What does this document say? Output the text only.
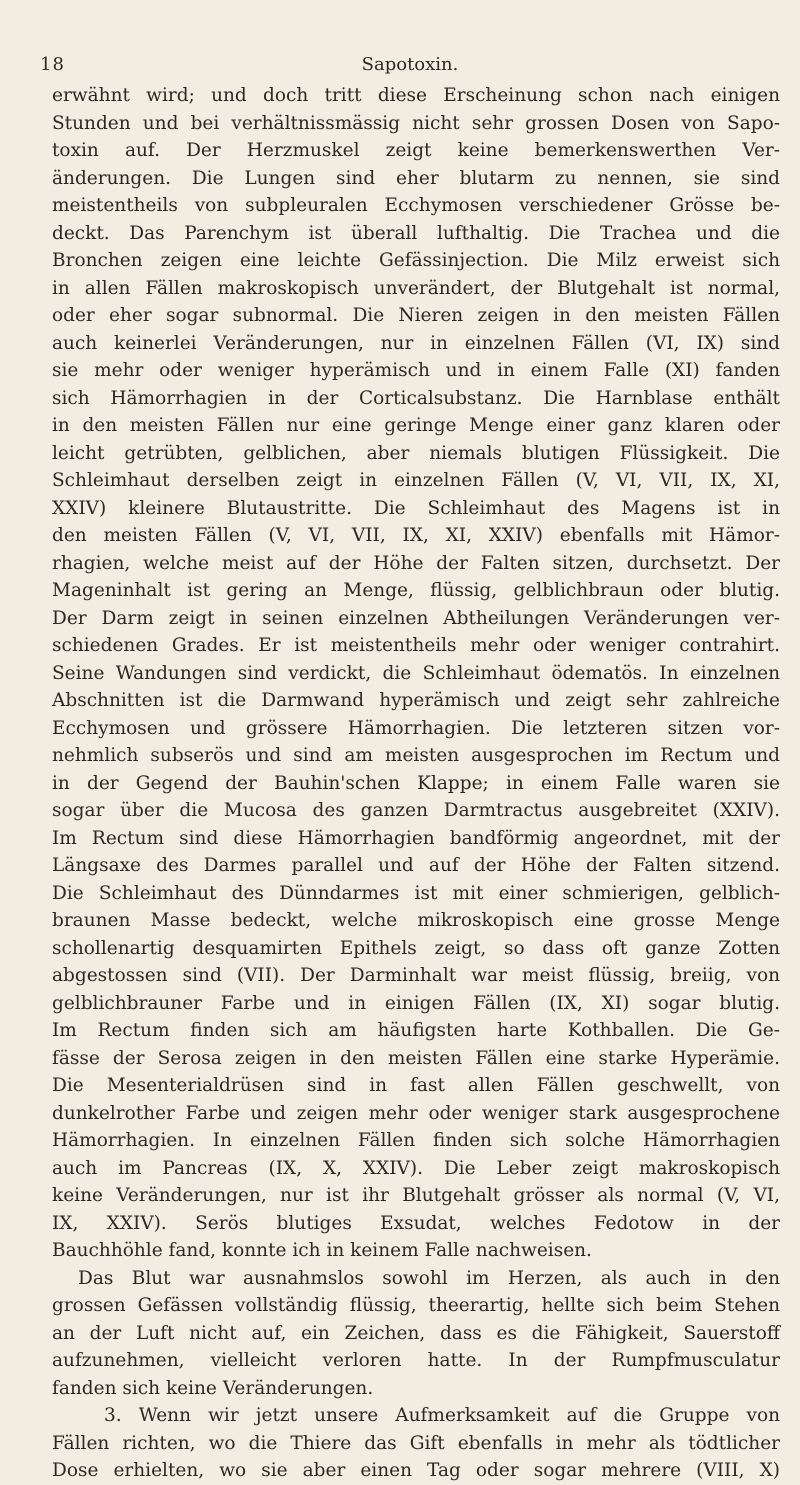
18	Sapotoxin.
erwähnt wird; und doch tritt diese Erscheinung schon nach einigen
Stunden und bei verhältnissmässig nicht sehr grossen Dosen von Sapo-
toxin auf. Der Herzmuskel zeigt keine bemerkenswerthen Ver-
änderungen. Die Lungen sind eher blutarm zu nennen, sie sind
meistentheils von subpleuralen Ecchymosen verschiedener Grösse be-
deckt. Das Parenchym ist überall lufthaltig. Die Trachea und die
Bronchen zeigen eine leichte Gefässinjection. Die Milz erweist sich
in allen Fällen makroskopisch unverändert, der Blutgehalt ist normal,
oder eher sogar subnormal. Die Nieren zeigen in den meisten Fällen
auch keinerlei Veränderungen, nur in einzelnen Fällen (VI, IX) sind
sie mehr oder weniger hyperämisch und in einem Falle (XI) fanden
sich Hämorrhagien in der Corticalsubstanz. Die Harnblase enthält
in den meisten Fällen nur eine geringe Menge einer ganz klaren oder
leicht getrübten, gelblichen, aber niemals blutigen Flüssigkeit. Die
Schleimhaut derselben zeigt in einzelnen Fällen (V, VI, VII, IX, XI,
XXIV) kleinere Blutaustritte. Die Schleimhaut des Magens ist in
den meisten Fällen (V, VI, VII, IX, XI, XXIV) ebenfalls mit Hämor-
rhagien, welche meist auf der Höhe der Falten sitzen, durchsetzt. Der
Mageninhalt ist gering an Menge, flüssig, gelblichbraun oder blutig.
Der Darm zeigt in seinen einzelnen Abtheilungen Veränderungen ver-
schiedenen Grades. Er ist meistentheils mehr oder weniger contrahirt.
Seine Wandungen sind verdickt, die Schleimhaut ödematös. In einzelnen
Abschnitten ist die Darmwand hyperämisch und zeigt sehr zahlreiche
Ecchymosen und grössere Hämorrhagien. Die letzteren sitzen vor-
nehmlich subserös und sind am meisten ausgesprochen im Rectum und
in der Gegend der Bauhin'schen Klappe; in einem Falle waren sie
sogar über die Mucosa des ganzen Darmtractus ausgebreitet (XXIV).
Im Rectum sind diese Hämorrhagien bandförmig angeordnet, mit der
Längsaxe des Darmes parallel und auf der Höhe der Falten sitzend.
Die Schleimhaut des Dünndarmes ist mit einer schmierigen, gelblich-
braunen Masse bedeckt, welche mikroskopisch eine grosse Menge
schollenartig desquamirten Epithels zeigt, so dass oft ganze Zotten
abgestossen sind (VII). Der Darminhalt war meist flüssig, breiig, von
gelblichbrauner Farbe und in einigen Fällen (IX, XI) sogar blutig.
Im Rectum finden sich am häufigsten harte Kothballen. Die Ge-
fässe der Serosa zeigen in den meisten Fällen eine starke Hyperämie.
Die Mesenterialdrüsen sind in fast allen Fällen geschwellt, von
dunkelrother Farbe und zeigen mehr oder weniger stark ausgesprochene
Hämorrhagien. In einzelnen Fällen finden sich solche Hämorrhagien
auch im Pancreas (IX, X, XXIV). Die Leber zeigt makroskopisch
keine Veränderungen, nur ist ihr Blutgehalt grösser als normal (V, VI,
IX, XXIV). Serös blutiges Exsudat, welches Fedotow in der
Bauchhöhle fand, konnte ich in keinem Falle nachweisen.
Das Blut war ausnahmslos sowohl im Herzen, als auch in den
grossen Gefässen vollständig flüssig, theerartig, hellte sich beim Stehen
an der Luft nicht auf, ein Zeichen, dass es die Fähigkeit, Sauerstoff
aufzunehmen, vielleicht verloren hatte. In der Rumpfmusculatur
fanden sich keine Veränderungen.
3. Wenn wir jetzt unsere Aufmerksamkeit auf die Gruppe von
Fällen richten, wo die Thiere das Gift ebenfalls in mehr als tödtlicher
Dose erhielten, wo sie aber einen Tag oder sogar mehrere (VIII, X)
